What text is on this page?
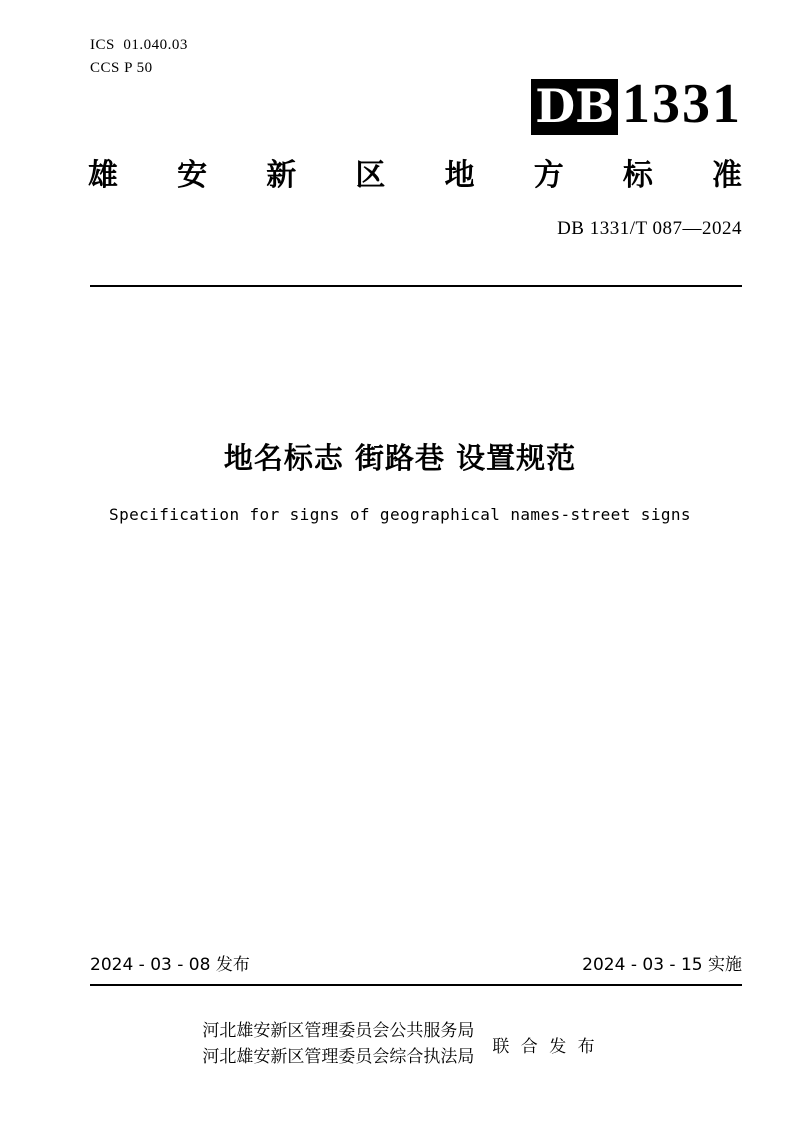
ICS  01.040.03
CCS P 50
DB 1331
雄安新区地方标准
DB 1331/T 087—2024
地名标志 街路巷 设置规范
Specification for signs of geographical names-street signs
2024 - 03 - 08 发布	2024 - 03 - 15 实施
河北雄安新区管理委员会公共服务局
河北雄安新区管理委员会综合执法局
联 合 发 布
